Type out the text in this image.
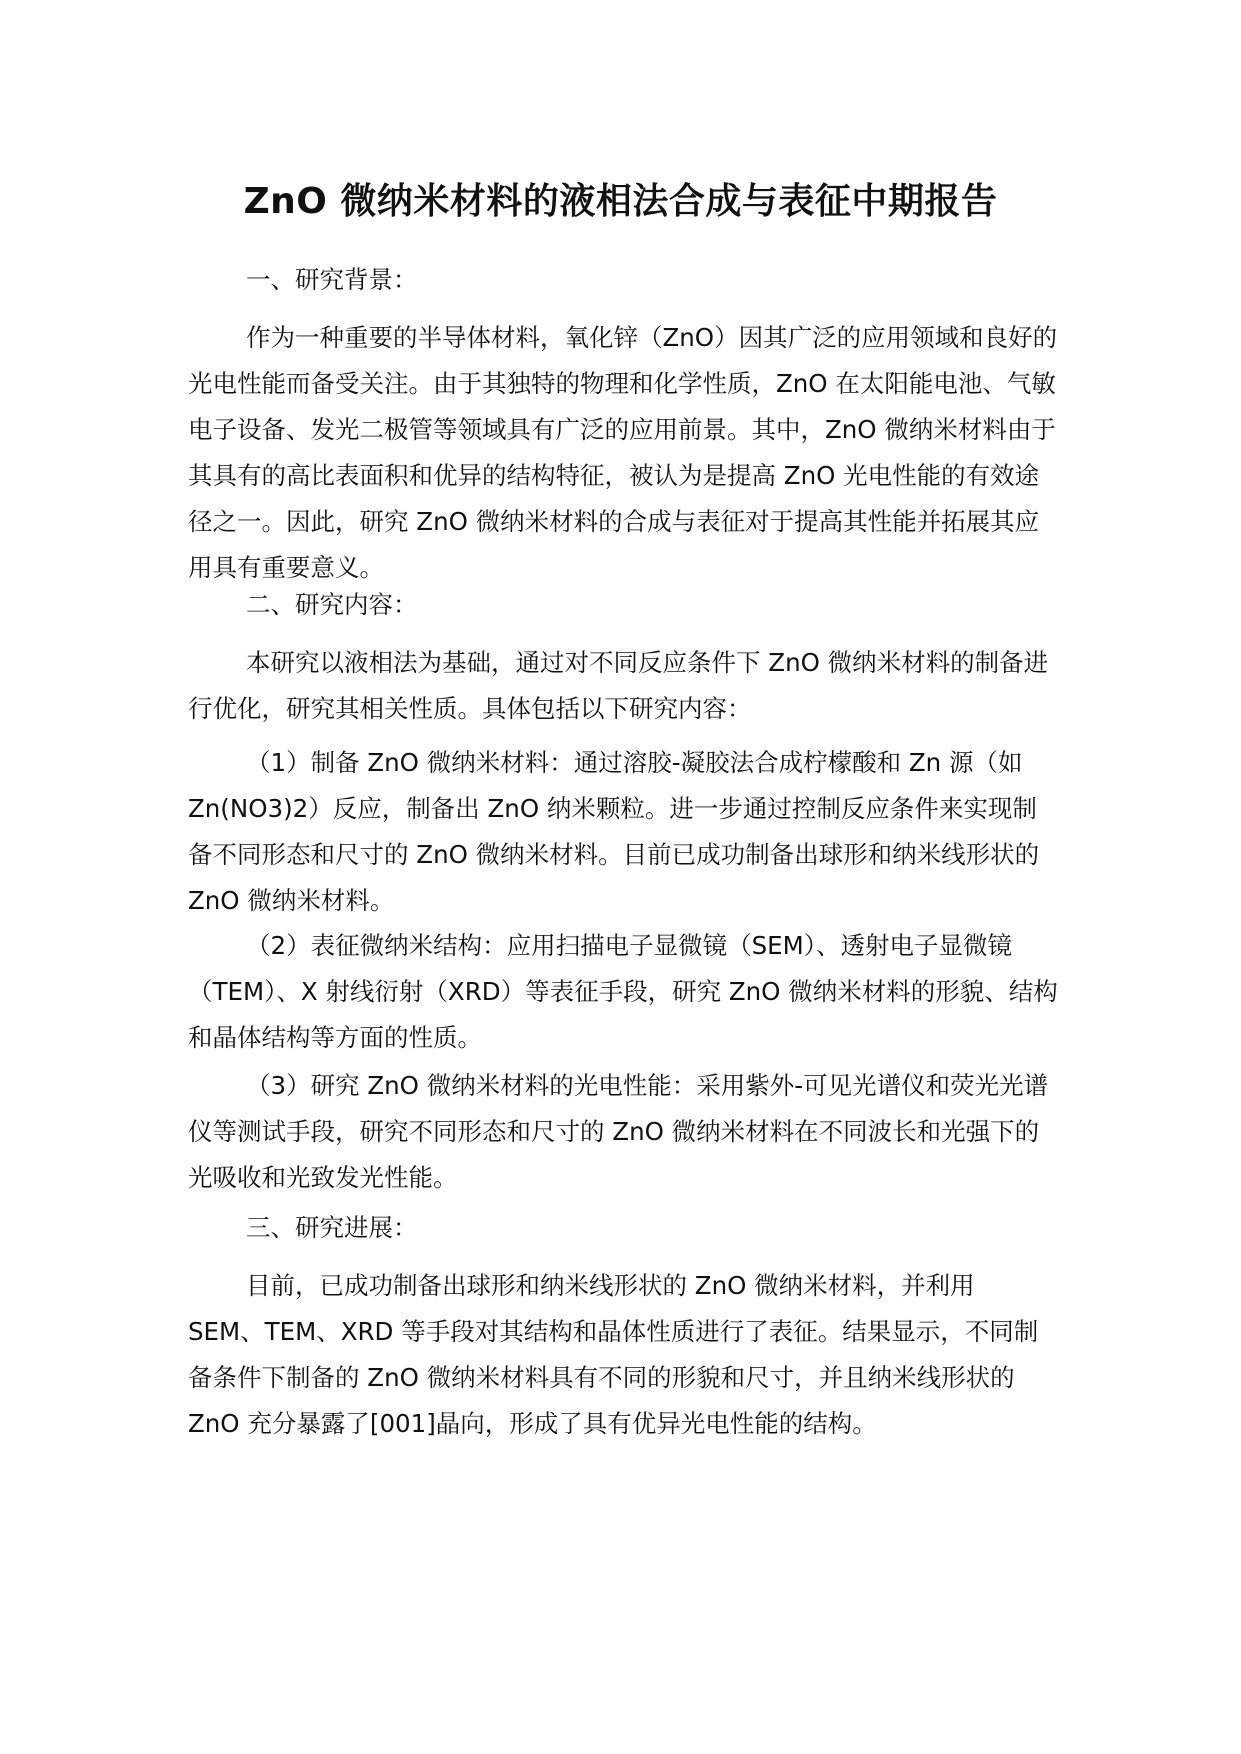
ZnO 微纳米材料的液相法合成与表征中期报告
一、研究背景：

作为一种重要的半导体材料，氧化锌（ZnO）因其广泛的应用领域和良好的光电性能而备受关注。由于其独特的物理和化学性质，ZnO 在太阳能电池、气敏电子设备、发光二极管等领域具有广泛的应用前景。其中，ZnO 微纳米材料由于其具有的高比表面积和优异的结构特征，被认为是提高 ZnO 光电性能的有效途径之一。因此，研究 ZnO 微纳米材料的合成与表征对于提高其性能并拓展其应用具有重要意义。

二、研究内容：

本研究以液相法为基础，通过对不同反应条件下 ZnO 微纳米材料的制备进行优化，研究其相关性质。具体包括以下研究内容：

（1）制备 ZnO 微纳米材料：通过溶胶-凝胶法合成柠檬酸和 Zn 源（如 Zn(NO3)2）反应，制备出 ZnO 纳米颗粒。进一步通过控制反应条件来实现制备不同形态和尺寸的 ZnO 微纳米材料。目前已成功制备出球形和纳米线形状的 ZnO 微纳米材料。

（2）表征微纳米结构：应用扫描电子显微镜（SEM）、透射电子显微镜（TEM）、X 射线衍射（XRD）等表征手段，研究 ZnO 微纳米材料的形貌、结构和晶体结构等方面的性质。

（3）研究 ZnO 微纳米材料的光电性能：采用紫外-可见光谱仪和荧光光谱仪等测试手段，研究不同形态和尺寸的 ZnO 微纳米材料在不同波长和光强下的光吸收和光致发光性能。

三、研究进展：

目前，已成功制备出球形和纳米线形状的 ZnO 微纳米材料，并利用 SEM、TEM、XRD 等手段对其结构和晶体性质进行了表征。结果显示，不同制备条件下制备的 ZnO 微纳米材料具有不同的形貌和尺寸，并且纳米线形状的 ZnO 充分暴露了[001]晶向，形成了具有优异光电性能的结构。
